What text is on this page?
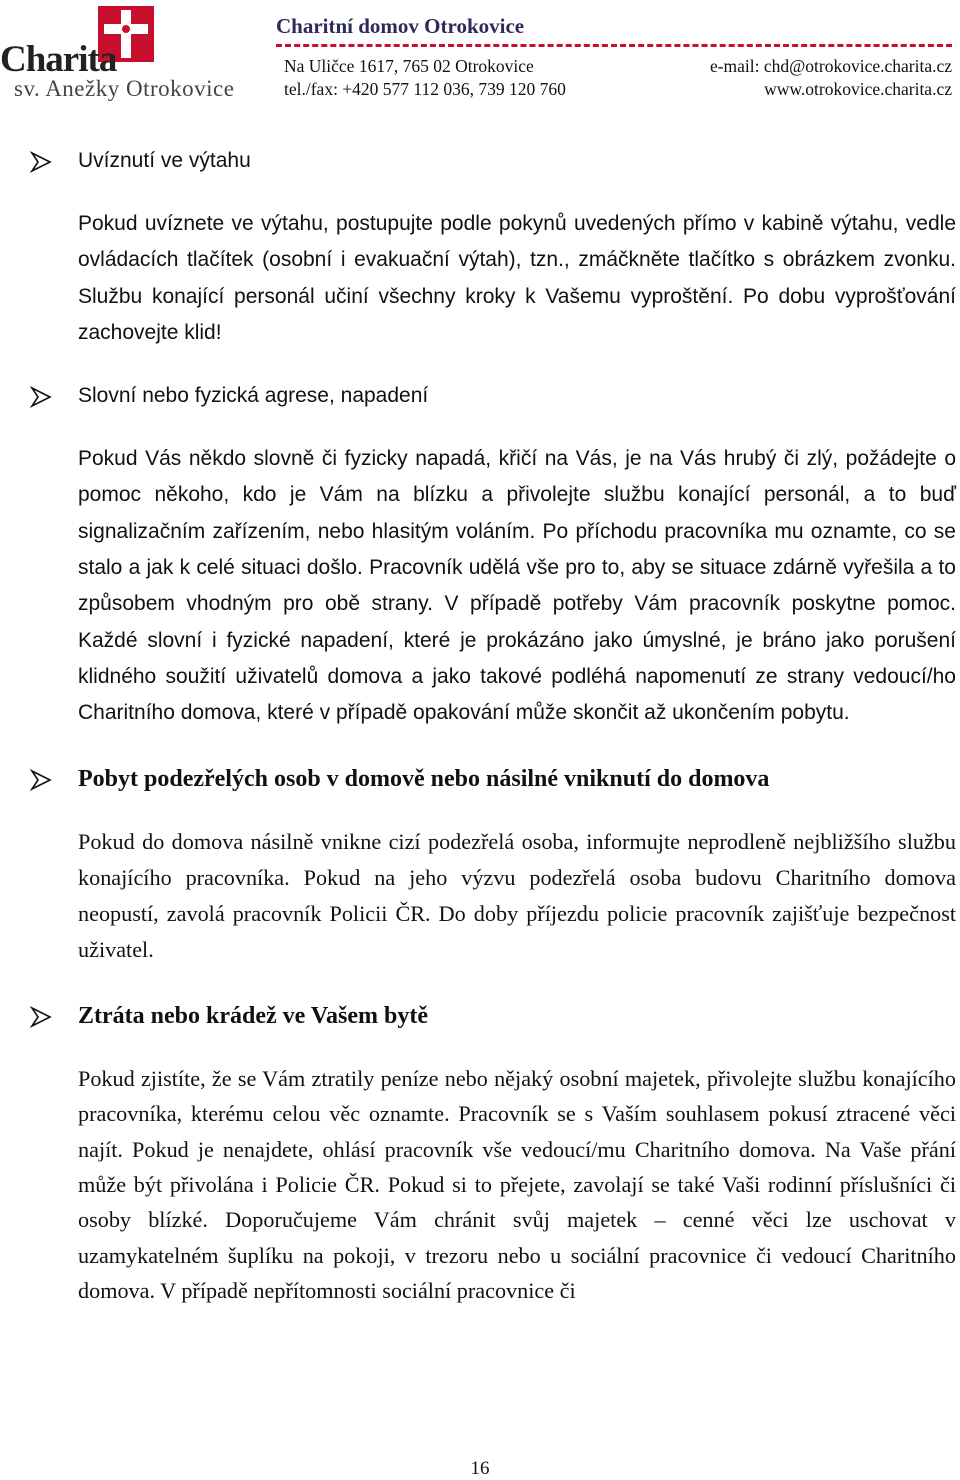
Charita
sv. Anežky Otrokovice
Charitní domov Otrokovice
Na Uličce 1617, 765 02 Otrokovice
tel./fax: +420 577 112 036, 739 120 760
e-mail: chd@otrokovice.charita.cz
www.otrokovice.charita.cz
Uvíznutí ve výtahu

Pokud uvíznete ve výtahu, postupujte podle pokynů uvedených přímo v kabině výtahu, vedle ovládacích tlačítek (osobní i evakuační výtah), tzn., zmáčkněte tlačítko s obrázkem zvonku. Službu konající personál učiní všechny kroky k Vašemu vyproštění. Po dobu vyprošťování zachovejte klid!

Slovní nebo fyzická agrese, napadení

Pokud Vás někdo slovně či fyzicky napadá, křičí na Vás, je na Vás hrubý či zlý, požádejte o pomoc někoho, kdo je Vám na blízku a přivolejte službu konající personál, a to buď signalizačním zařízením, nebo hlasitým voláním. Po příchodu pracovníka mu oznamte, co se stalo a jak k celé situaci došlo. Pracovník udělá vše pro to, aby se situace zdárně vyřešila a to způsobem vhodným pro obě strany. V případě potřeby Vám pracovník poskytne pomoc. Každé slovní i fyzické napadení, které je prokázáno jako úmyslné, je bráno jako porušení klidného soužití uživatelů domova a jako takové podléhá napomenutí ze strany vedoucí/ho Charitního domova, které v případě opakování může skončit až ukončením pobytu.

Pobyt podezřelých osob v domově nebo násilné vniknutí do domova

Pokud do domova násilně vnikne cizí podezřelá osoba, informujte neprodleně nejbližšího službu konajícího pracovníka. Pokud na jeho výzvu podezřelá osoba budovu Charitního domova neopustí, zavolá pracovník Policii ČR. Do doby příjezdu policie pracovník zajišťuje bezpečnost uživatel.

Ztráta nebo krádež ve Vašem bytě

Pokud zjistíte, že se Vám ztratily peníze nebo nějaký osobní majetek, přivolejte službu konajícího pracovníka, kterému celou věc oznamte. Pracovník se s Vaším souhlasem pokusí ztracené věci najít. Pokud je nenajdete, ohlásí pracovník vše vedoucí/mu Charitního domova. Na Vaše přání může být přivolána i Policie ČR. Pokud si to přejete, zavolají se také Vaši rodinní příslušníci či osoby blízké. Doporučujeme Vám chránit svůj majetek – cenné věci lze uschovat v uzamykatelném šuplíku na pokoji, v trezoru nebo u sociální pracovnice či vedoucí Charitního domova. V případě nepřítomnosti sociální pracovnice či

16
